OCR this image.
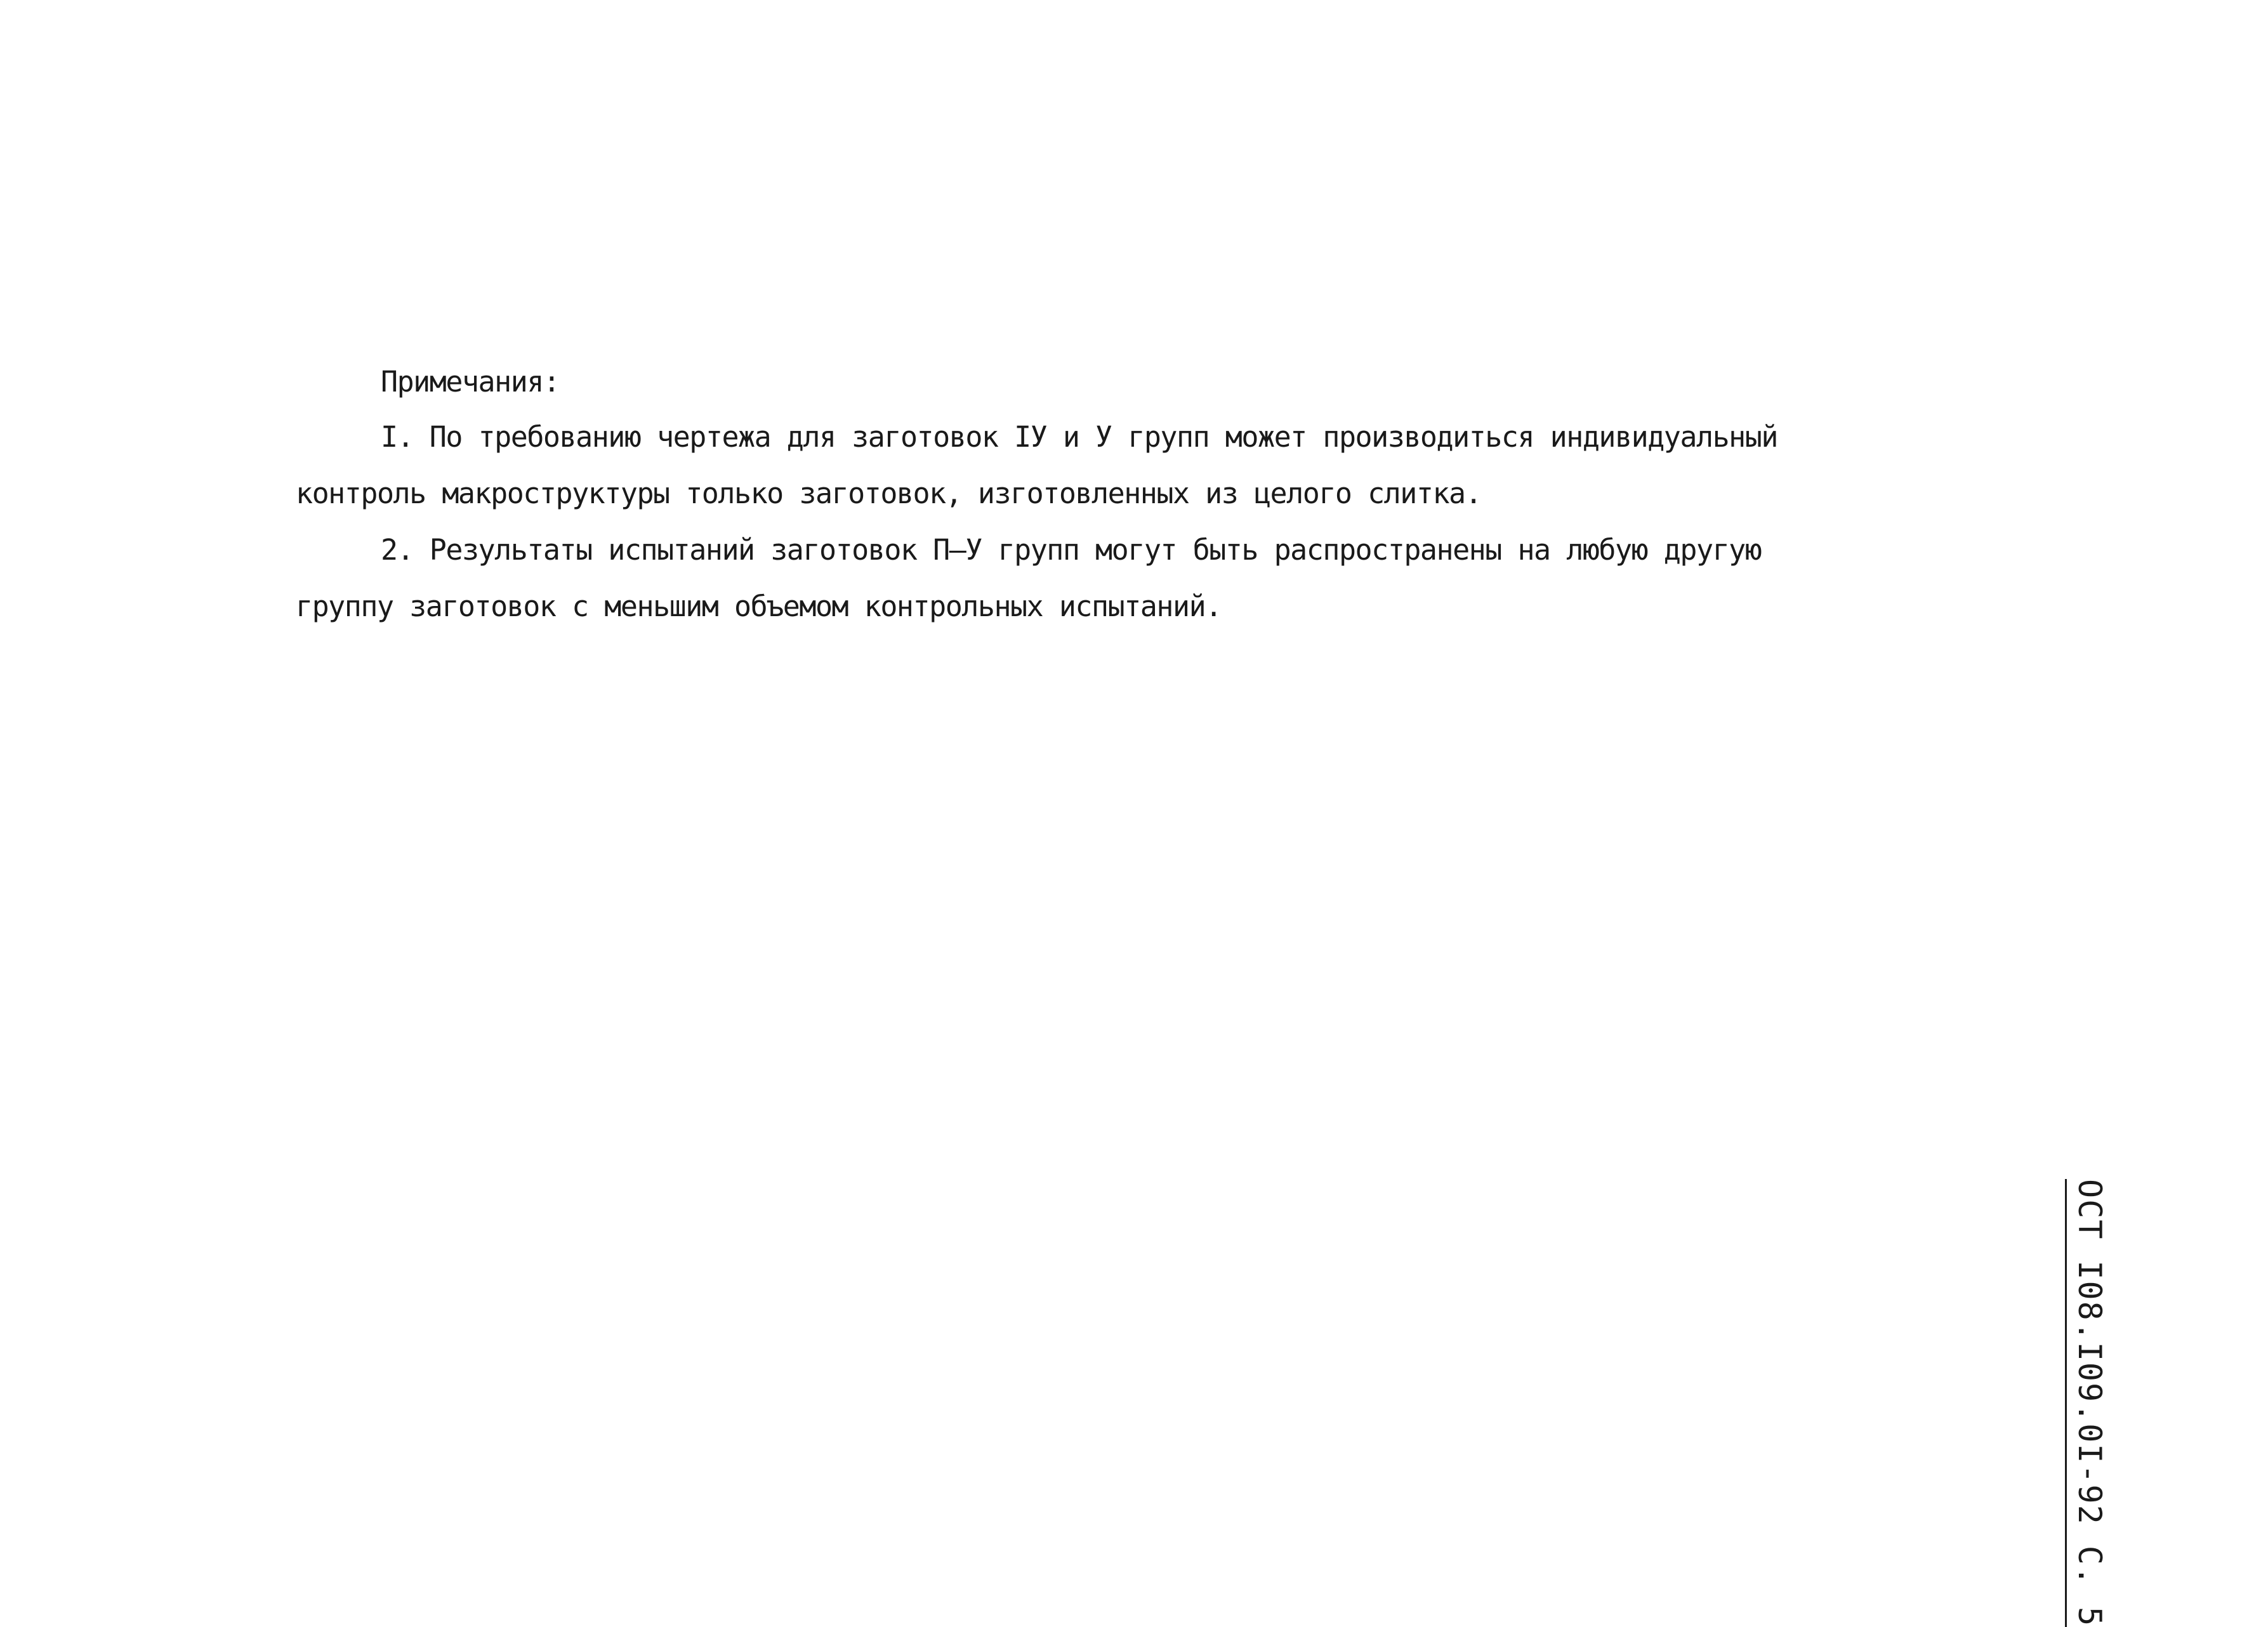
Примечания:
I. По требованию чертежа для заготовок IУ и У групп может производиться индивидуальный
контроль макроструктуры только заготовок, изготовленных из целого слитка.
2. Результаты испытаний заготовок П–У групп могут быть распространены на любую другую
группу заготовок с меньшим объемом контрольных испытаний.
ОСТ I08.I09.0I-92 С. 5
